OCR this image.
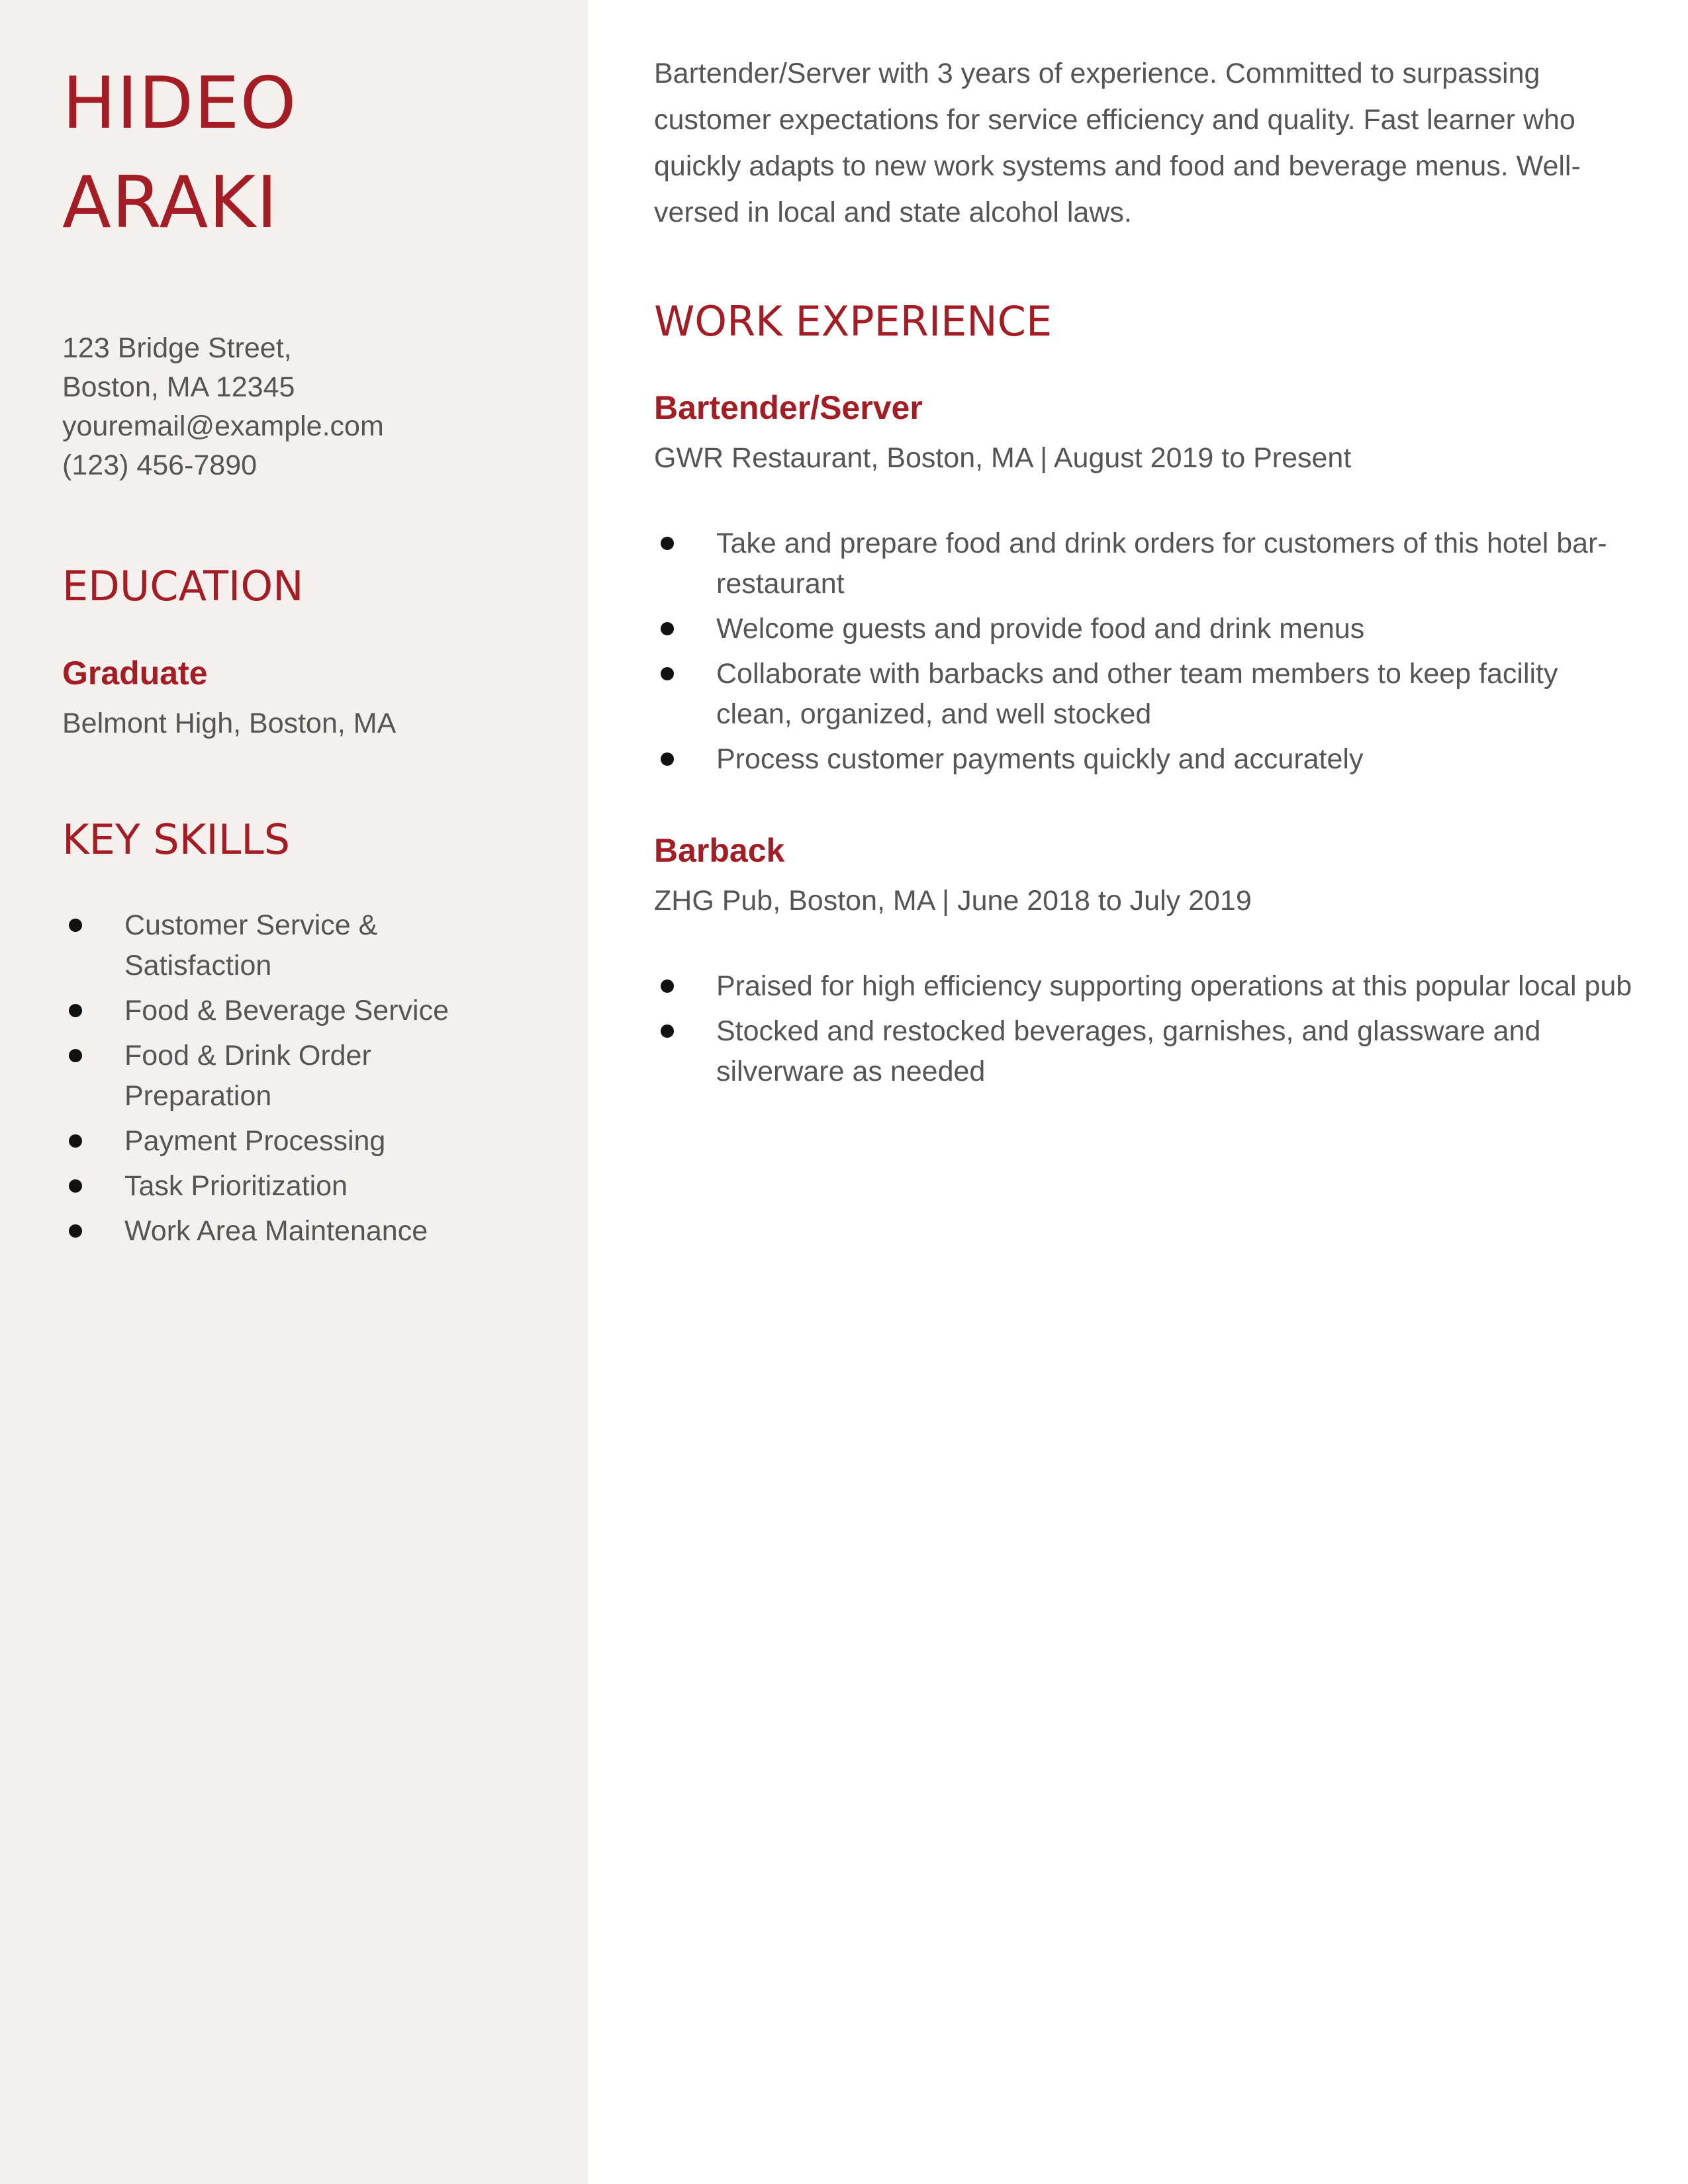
HIDEO
ARAKI
123 Bridge Street,
Boston, MA 12345
youremail@example.com
(123) 456-7890
EDUCATION
Graduate
Belmont High, Boston, MA
KEY SKILLS
Customer Service & Satisfaction
Food & Beverage Service
Food & Drink Order Preparation
Payment Processing
Task Prioritization
Work Area Maintenance

Bartender/Server with 3 years of experience. Committed to surpassing customer expectations for service efficiency and quality. Fast learner who quickly adapts to new work systems and food and beverage menus. Well-versed in local and state alcohol laws.

WORK EXPERIENCE
Bartender/Server
GWR Restaurant, Boston, MA | August 2019 to Present
Take and prepare food and drink orders for customers of this hotel bar-restaurant
Welcome guests and provide food and drink menus
Collaborate with barbacks and other team members to keep facility clean, organized, and well stocked
Process customer payments quickly and accurately
Barback
ZHG Pub, Boston, MA | June 2018 to July 2019
Praised for high efficiency supporting operations at this popular local pub
Stocked and restocked beverages, garnishes, and glassware and silverware as needed
